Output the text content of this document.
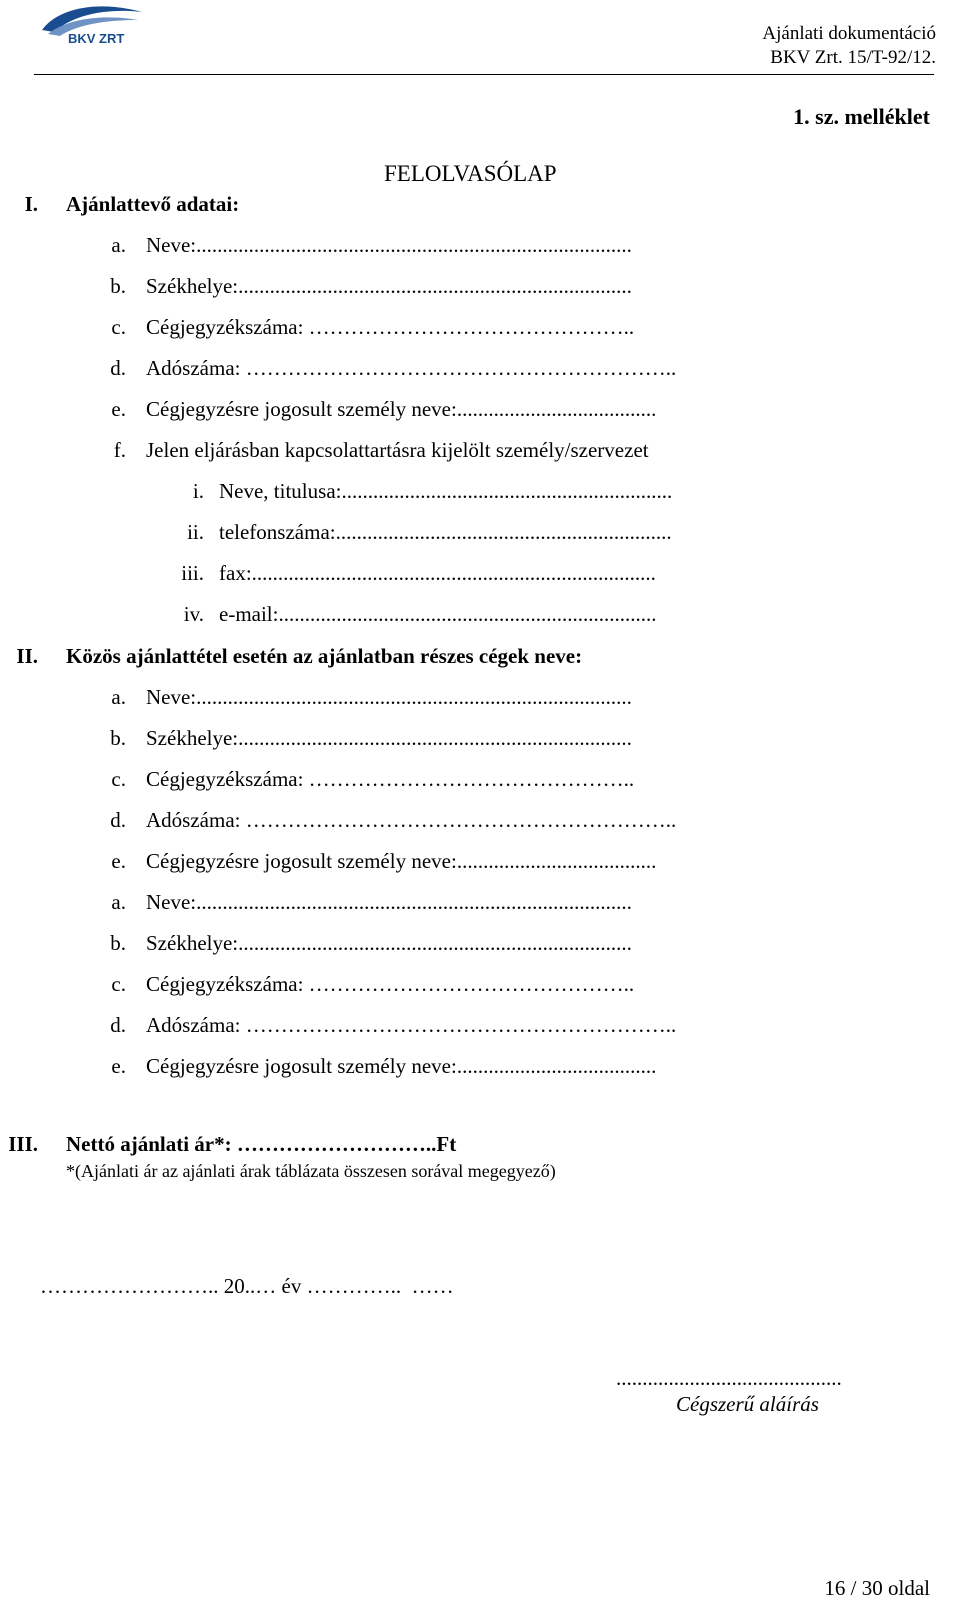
BKV ZRT	Ajánlati dokumentáció
BKV Zrt. 15/T-92/12.
1. sz. melléklet
FELOLVASÓLAP
I. Ajánlattevő adatai:
a. Neve:...................................................................................
b. Székhelye:...........................................................................
c. Cégjegyzékszáma: ………………………………………..
d. Adószáma: ……………………………………………………..
e. Cégjegyzésre jogosult személy neve:......................................
f. Jelen eljárásban kapcsolattartásra kijelölt személy/szervezet
i. Neve, titulusa:...............................................................
ii. telefonszáma:................................................................
iii. fax:.............................................................................
iv. e-mail:........................................................................
II. Közös ajánlattétel esetén az ajánlatban részes cégek neve:
a. Neve:...................................................................................
b. Székhelye:...........................................................................
c. Cégjegyzékszáma: ………………………………………..
d. Adószáma: ……………………………………………………..
e. Cégjegyzésre jogosult személy neve:......................................
a. Neve:...................................................................................
b. Székhelye:...........................................................................
c. Cégjegyzékszáma: ………………………………………..
d. Adószáma: ……………………………………………………..
e. Cégjegyzésre jogosult személy neve:......................................
III. Nettó ajánlati ár*: ………………………..Ft
*(Ajánlati ár az ajánlati árak táblázata összesen sorával megegyező)
…………………….. 20..… év …………..  ……
...........................................
Cégszerű aláírás
16 / 30 oldal
